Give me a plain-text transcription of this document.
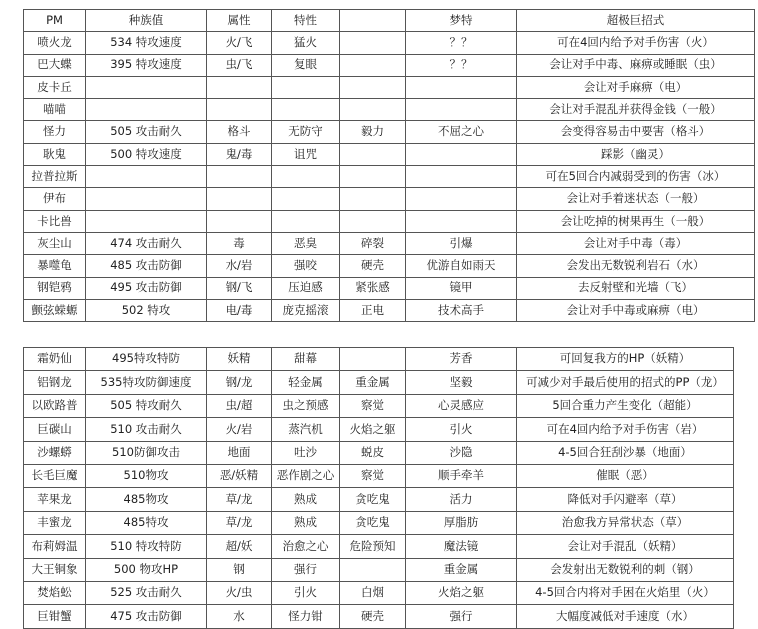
PM	种族值	属性	特性		梦特	超极巨招式
喷火龙	534 特攻速度	火/飞	猛火		？？	可在4回内给予对手伤害（火）
巴大蝶	395 特攻速度	虫/飞	复眼		？？	会让对手中毒、麻痹或睡眠（虫）
皮卡丘						会让对手麻痹（电）
喵喵						会让对手混乱并获得金钱（一般）
怪力	505 攻击耐久	格斗	无防守	毅力	不屈之心	会变得容易击中要害（格斗）
耿鬼	500 特攻速度	鬼/毒	诅咒			踩影（幽灵）
拉普拉斯						可在5回合内减弱受到的伤害（冰）
伊布						会让对手着迷状态（一般）
卡比兽						会让吃掉的树果再生（一般）
灰尘山	474 攻击耐久	毒	恶臭	碎裂	引爆	会让对手中毒（毒）
暴噬龟	485 攻击防御	水/岩	强咬	硬壳	优游自如雨天	会发出无数锐利岩石（水）
钢铠鸦	495 攻击防御	钢/飞	压迫感	紧张感	镜甲	去反射壁和光墙（飞）
颤弦蝾螈	502 特攻	电/毒	庞克摇滚	正电	技术高手	会让对手中毒或麻痹（电）
霜奶仙	495特攻特防	妖精	甜幕		芳香	可回复我方的HP（妖精）
铝钢龙	535特攻防御速度	钢/龙	轻金属	重金属	坚毅	可减少对手最后使用的招式的PP（龙）
以欧路普	505 特攻耐久	虫/超	虫之预感	察觉	心灵感应	5回合重力产生变化（超能）
巨碳山	510 攻击耐久	火/岩	蒸汽机	火焰之躯	引火	可在4回内给予对手伤害（岩）
沙螺蟒	510防御攻击	地面	吐沙	蜕皮	沙隐	4-5回合狂刮沙暴（地面）
长毛巨魔	510物攻	恶/妖精	恶作剧之心	察觉	顺手牵羊	催眠（恶）
苹果龙	485物攻	草/龙	熟成	贪吃鬼	活力	降低对手闪避率（草）
丰蜜龙	485特攻	草/龙	熟成	贪吃鬼	厚脂肪	治愈我方异常状态（草）
布莉姆温	510 特攻特防	超/妖	治愈之心	危险预知	魔法镜	会让对手混乱（妖精）
大王铜象	500 物攻HP	钢	强行		重金属	会发射出无数锐利的刺（钢）
焚焰蚣	525 攻击耐久	火/虫	引火	白烟	火焰之躯	4-5回合内将对手困在火焰里（火）
巨钳蟹	475 攻击防御	水	怪力钳	硬壳	强行	大幅度减低对手速度（水）
